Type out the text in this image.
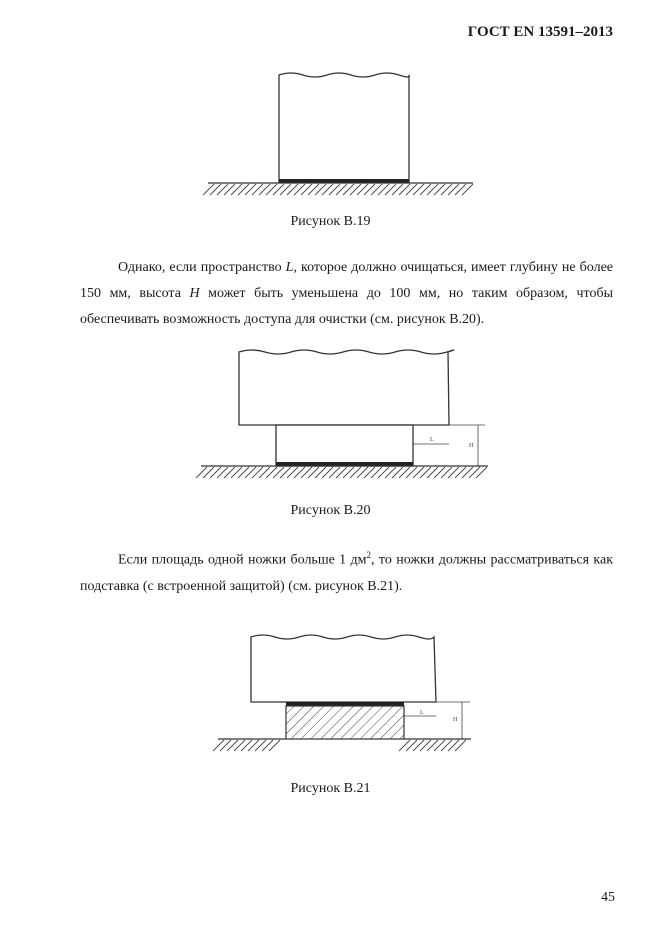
ГОСТ EN 13591–2013
Рисунок В.19
Однако, если пространство L, которое должно очищаться, имеет глубину не более 150 мм, высота H может быть уменьшена до 100 мм, но таким образом, чтобы обеспечивать возможность доступа для очистки (см. рисунок В.20).
L
H
Рисунок В.20
Если площадь одной ножки больше 1 $дм^2$, то ножки должны рассматриваться как подставка (с встроенной защитой) (см. рисунок В.21).
L
H
Рисунок В.21
45
